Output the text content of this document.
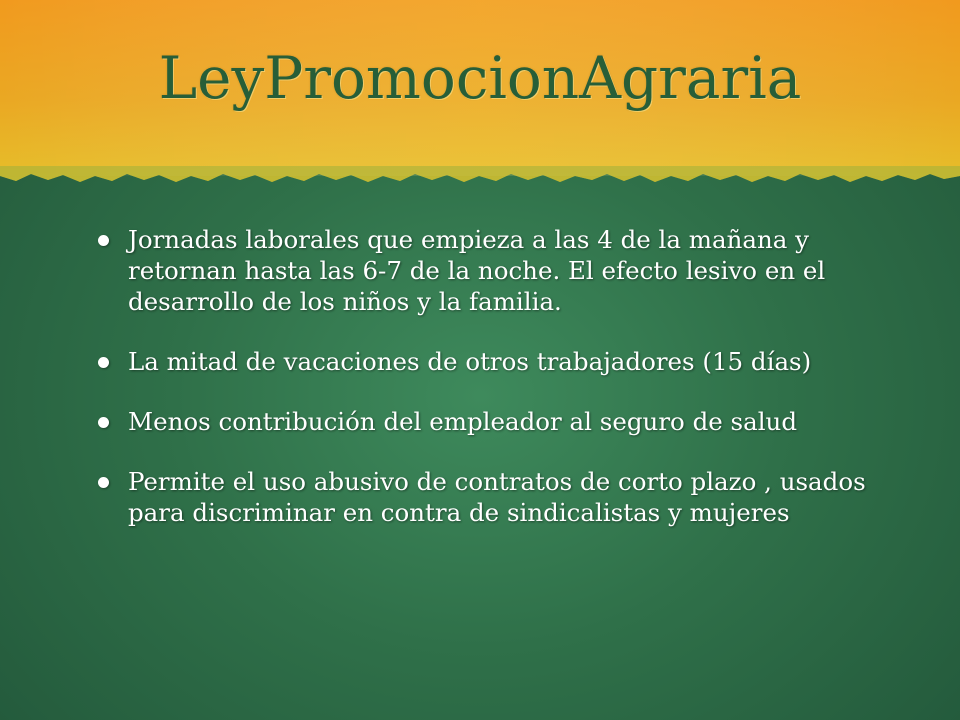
LeyPromocionAgraria
Jornadas laborales que empieza a las 4 de la mañana y retornan hasta las 6-7 de la noche. El efecto lesivo en el desarrollo de los niños y la familia.
La mitad de vacaciones de otros trabajadores (15 días)
Menos contribución del empleador al seguro de salud
Permite el uso abusivo de contratos de corto plazo , usados para discriminar en contra de sindicalistas y mujeres
